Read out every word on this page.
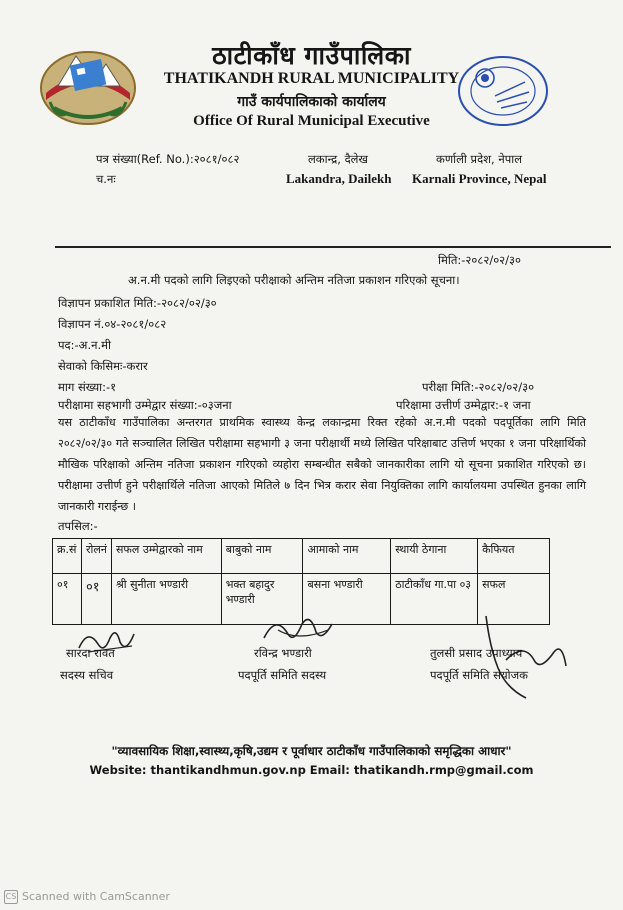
ठाटीकाँध गाउँपालिका
THATIKANDH RURAL MUNICIPALITY
गाउँ कार्यपालिकाको कार्यालय
Office Of Rural Municipal Executive
पत्र संख्या(Ref. No.):२०८१/०८२
च.नः
लकान्द्र, दैलेख
Lakandra, Dailekh
कर्णाली प्रदेश, नेपाल
Karnali Province, Nepal
मिति:-२०८२/०२/३०
अ.न.मी पदको लागि लिइएको परीक्षाको अन्तिम नतिजा प्रकाशन गरिएको सूचना।
विज्ञापन प्रकाशित मिति:-२०८२/०२/३०
विज्ञापन नं.०४-२०८१/०८२
पद:-अ.न.मी
सेवाको किसिमः-करार
माग संख्या:-१	परीक्षा मिति:-२०८२/०२/३०
परीक्षामा सहभागी उम्मेद्वार संख्या:-०३जना	परिक्षामा उत्तीर्ण उम्मेद्वार:-१ जना
यस ठाटीकाँध गाउँपालिका अन्तरगत प्राथमिक स्वास्थ्य केन्द्र लकान्द्रमा रिक्त रहेको अ.न.मी पदको पदपूर्तिका लागि मिति २०८२/०२/३० गते सञ्चालित लिखित परीक्षामा सहभागी ३ जना परीक्षार्थी मध्ये लिखित परिक्षाबाट उत्तिर्ण भएका १ जना परिक्षार्थिको मौखिक परिक्षाको अन्तिम नतिजा प्रकाशन गरिएको व्यहोरा सम्बन्धीत सबैको जानकारीका लागि यो सूचना प्रकाशित गरिएको छ। परीक्षामा उत्तीर्ण हुने परीक्षार्थिले नतिजा आएको मितिले ७ दिन भित्र करार सेवा नियुक्तिका लागि कार्यालयमा उपस्थित हुनका लागि जानकारी गराईन्छ ।
तपसिल:-
क्र.सं	रोलनं	सफल उम्मेद्वारको नाम	बाबुको नाम	आमाको नाम	स्थायी ठेगाना	कैफियत
०१	०१	श्री सुनीता भण्डारी	भक्त बहादुर भण्डारी	बसना भण्डारी	ठाटीकाँध गा.पा ०३	सफल
सारदा रावत
सदस्य सचिव
रविन्द्र भण्डारी
पदपूर्ति समिति सदस्य
तुलसी प्रसाद उपाध्याय
पदपूर्ति समिति संयोजक
"व्यावसायिक शिक्षा,स्वास्थ्य,कृषि,उद्यम र पूर्वाधार ठाटीकाँध गाउँपालिकाको समृद्धिका आधार"
Website: thantikandhmun.gov.np Email: thatikandh.rmp@gmail.com
CS Scanned with CamScanner
